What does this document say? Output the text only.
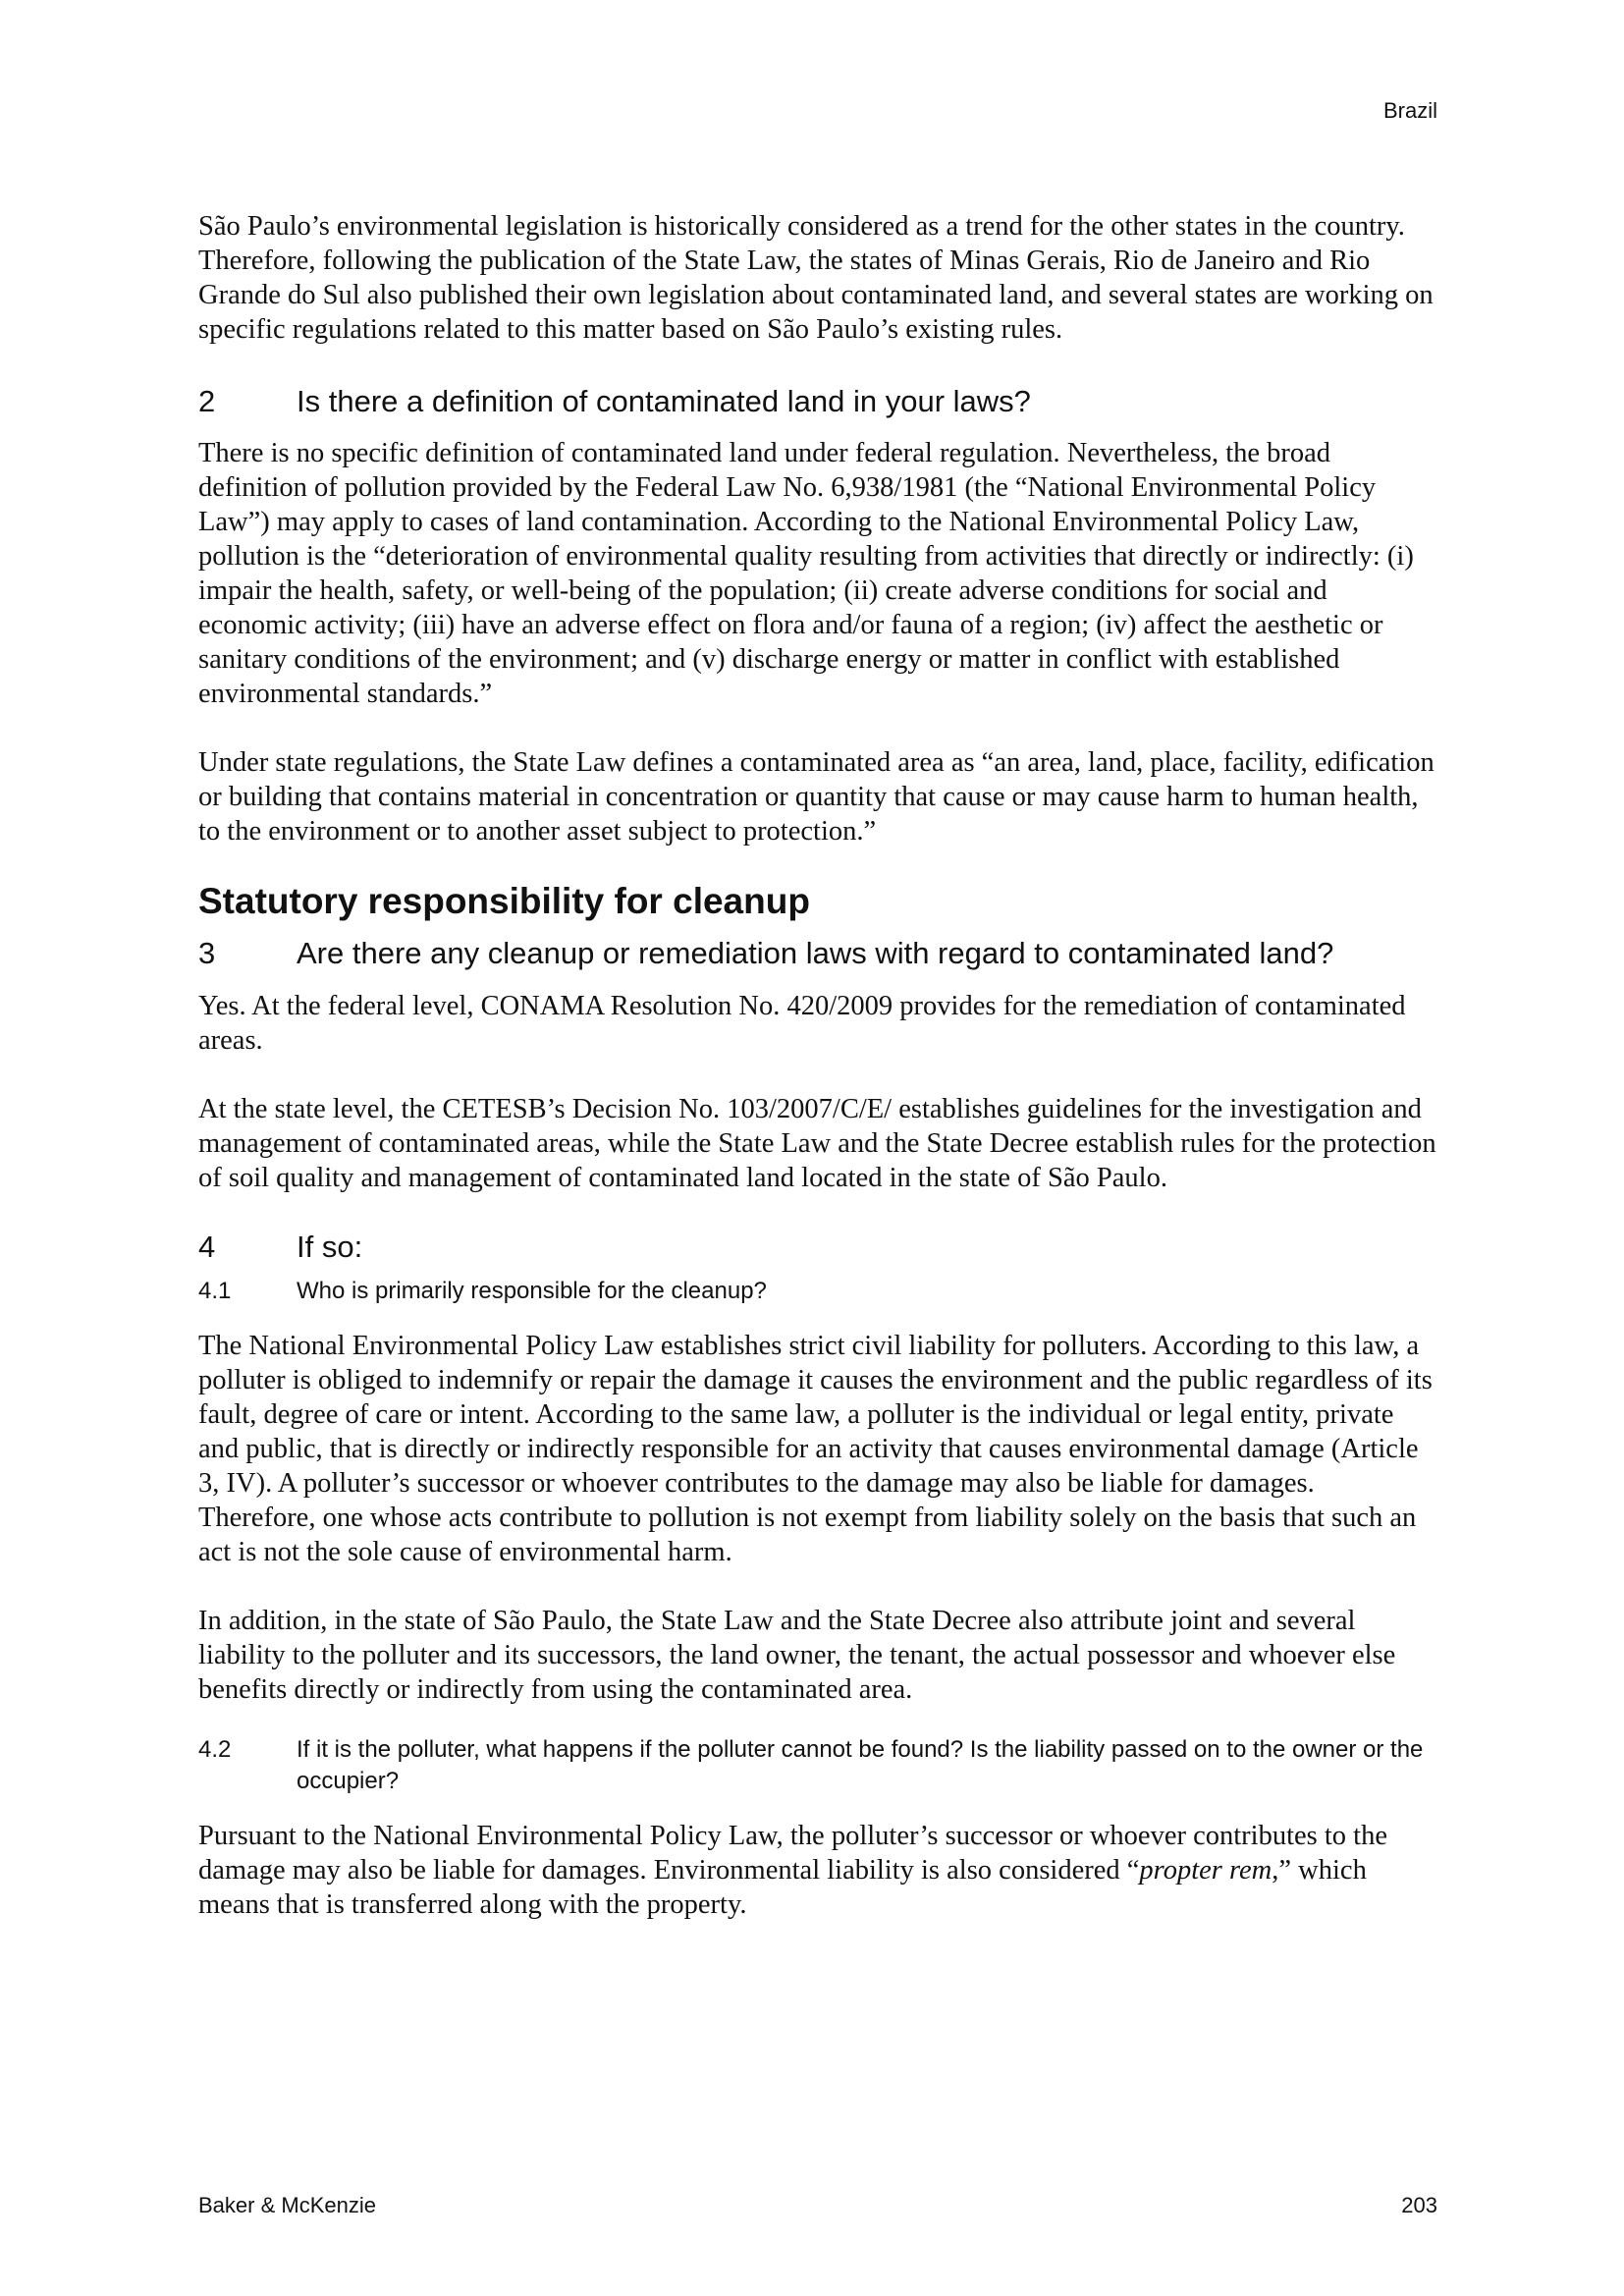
Brazil

São Paulo’s environmental legislation is historically considered as a trend for the other states in the country. Therefore, following the publication of the State Law, the states of Minas Gerais, Rio de Janeiro and Rio Grande do Sul also published their own legislation about contaminated land, and several states are working on specific regulations related to this matter based on São Paulo’s existing rules.

2	Is there a definition of contaminated land in your laws?

There is no specific definition of contaminated land under federal regulation. Nevertheless, the broad definition of pollution provided by the Federal Law No. 6,938/1981 (the “National Environmental Policy Law”) may apply to cases of land contamination. According to the National Environmental Policy Law, pollution is the “deterioration of environmental quality resulting from activities that directly or indirectly: (i) impair the health, safety, or well-being of the population; (ii) create adverse conditions for social and economic activity; (iii) have an adverse effect on flora and/or fauna of a region; (iv) affect the aesthetic or sanitary conditions of the environment; and (v) discharge energy or matter in conflict with established environmental standards.”

Under state regulations, the State Law defines a contaminated area as “an area, land, place, facility, edification or building that contains material in concentration or quantity that cause or may cause harm to human health, to the environment or to another asset subject to protection.”

Statutory responsibility for cleanup
3	Are there any cleanup or remediation laws with regard to contaminated land?

Yes. At the federal level, CONAMA Resolution No. 420/2009 provides for the remediation of contaminated areas.

At the state level, the CETESB’s Decision No. 103/2007/C/E/ establishes guidelines for the investigation and management of contaminated areas, while the State Law and the State Decree establish rules for the protection of soil quality and management of contaminated land located in the state of São Paulo.

4	If so:
4.1	Who is primarily responsible for the cleanup?

The National Environmental Policy Law establishes strict civil liability for polluters. According to this law, a polluter is obliged to indemnify or repair the damage it causes the environment and the public regardless of its fault, degree of care or intent. According to the same law, a polluter is the individual or legal entity, private and public, that is directly or indirectly responsible for an activity that causes environmental damage (Article 3, IV). A polluter’s successor or whoever contributes to the damage may also be liable for damages. Therefore, one whose acts contribute to pollution is not exempt from liability solely on the basis that such an act is not the sole cause of environmental harm.

In addition, in the state of São Paulo, the State Law and the State Decree also attribute joint and several liability to the polluter and its successors, the land owner, the tenant, the actual possessor and whoever else benefits directly or indirectly from using the contaminated area.

4.2	If it is the polluter, what happens if the polluter cannot be found? Is the liability passed on to the owner or the occupier?

Pursuant to the National Environmental Policy Law, the polluter’s successor or whoever contributes to the damage may also be liable for damages. Environmental liability is also considered “propter rem,” which means that is transferred along with the property.

Baker & McKenzie	203
